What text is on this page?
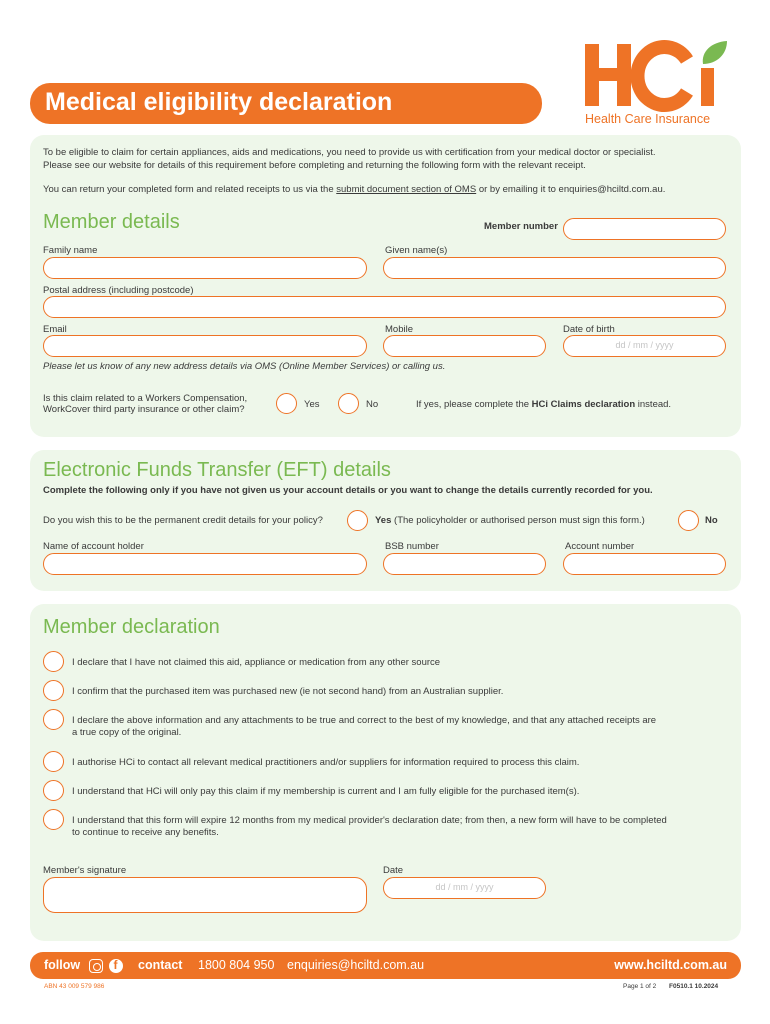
Medical eligibility declaration
Health Care Insurance
To be eligible to claim for certain appliances, aids and medications, you need to provide us with certification from your medical doctor or specialist.
Please see our website for details of this requirement before completing and returning the following form with the relevant receipt.
You can return your completed form and related receipts to us via the submit document section of OMS or by emailing it to enquiries@hciltd.com.au.
Member details	Member number
Family name	Given name(s)
Postal address (including postcode)
Email	Mobile	Date of birth
dd / mm / yyyy
Please let us know of any new address details via OMS (Online Member Services) or calling us.
Is this claim related to a Workers Compensation,
WorkCover third party insurance or other claim?	Yes	No	If yes, please complete the HCi Claims declaration instead.
Electronic Funds Transfer (EFT) details
Complete the following only if you have not given us your account details or you want to change the details currently recorded for you.
Do you wish this to be the permanent credit details for your policy?	Yes (The policyholder or authorised person must sign this form.)	No
Name of account holder	BSB number	Account number
Member declaration
I declare that I have not claimed this aid, appliance or medication from any other source
I confirm that the purchased item was purchased new (ie not second hand) from an Australian supplier.
I declare the above information and any attachments to be true and correct to the best of my knowledge, and that any attached receipts are
a true copy of the original.
I authorise HCi to contact all relevant medical practitioners and/or suppliers for information required to process this claim.
I understand that HCi will only pay this claim if my membership is current and I am fully eligible for the purchased item(s).
I understand that this form will expire 12 months from my medical provider's declaration date; from then, a new form will have to be completed
to continue to receive any benefits.
Member's signature	Date
dd / mm / yyyy
follow f	contact 1800 804 950 enquiries@hciltd.com.au	www.hciltd.com.au
ABN 43 009 579 986	Page 1 of 2 F0510.1 10.2024
